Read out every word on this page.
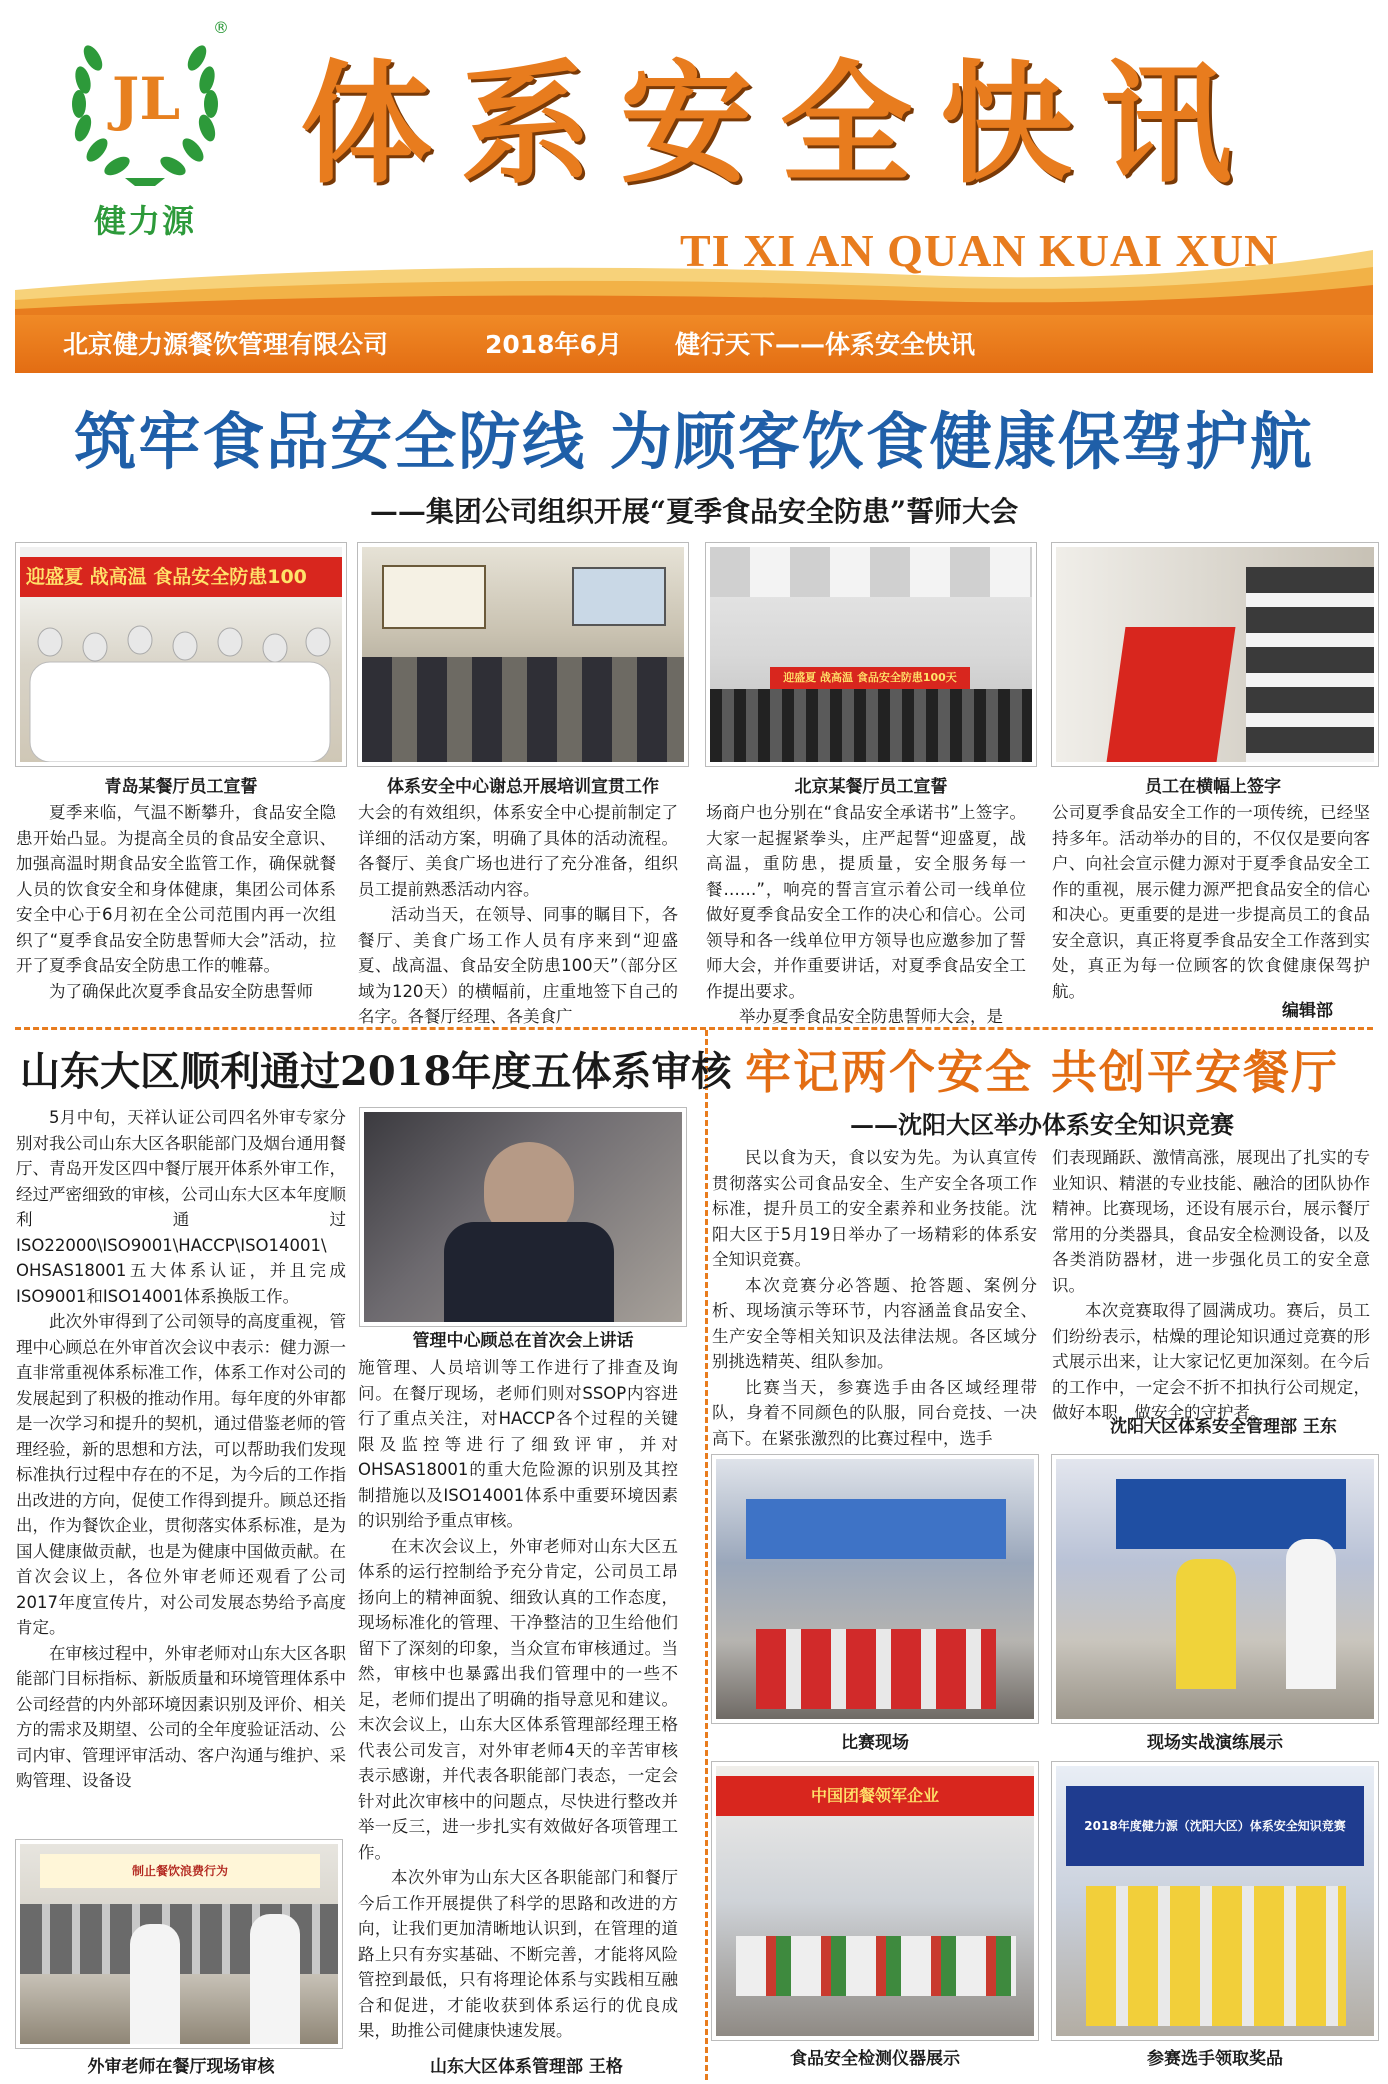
JL
®
健力源
体系安全快讯
TI XI AN QUAN KUAI XUN
北京健力源餐饮管理有限公司	2018年6月 健行天下——体系安全快讯
筑牢食品安全防线 为顾客饮食健康保驾护航
——集团公司组织开展“夏季食品安全防患”誓师大会
迎盛夏 战高温 食品安全防患100
迎盛夏 战高温 食品安全防患100天
青岛某餐厅员工宣誓	体系安全中心谢总开展培训宣贯工作	北京某餐厅员工宣誓	员工在横幅上签字

夏季来临，气温不断攀升，食品安全隐患开始凸显。为提高全员的食品安全意识、加强高温时期食品安全监管工作，确保就餐人员的饮食安全和身体健康，集团公司体系安全中心于6月初在全公司范围内再一次组织了“夏季食品安全防患誓师大会”活动，拉开了夏季食品安全防患工作的帷幕。

为了确保此次夏季食品安全防患誓师

大会的有效组织，体系安全中心提前制定了详细的活动方案，明确了具体的活动流程。各餐厅、美食广场也进行了充分准备，组织员工提前熟悉活动内容。

活动当天，在领导、同事的瞩目下，各餐厅、美食广场工作人员有序来到“迎盛夏、战高温、食品安全防患100天”（部分区域为120天）的横幅前，庄重地签下自己的名字。各餐厅经理、各美食广

场商户也分别在“食品安全承诺书”上签字。大家一起握紧拳头，庄严起誓“迎盛夏，战高温，重防患，提质量，安全服务每一餐……”，响亮的誓言宣示着公司一线单位做好夏季食品安全工作的决心和信心。公司领导和各一线单位甲方领导也应邀参加了誓师大会，并作重要讲话，对夏季食品安全工作提出要求。

举办夏季食品安全防患誓师大会，是

公司夏季食品安全工作的一项传统，已经坚持多年。活动举办的目的，不仅仅是要向客户、向社会宣示健力源对于夏季食品安全工作的重视，展示健力源严把食品安全的信心和决心。更重要的是进一步提高员工的食品安全意识，真正将夏季食品安全工作落到实处，真正为每一位顾客的饮食健康保驾护航。

编辑部
山东大区顺利通过2018年度五体系审核

5月中旬，天祥认证公司四名外审专家分别对我公司山东大区各职能部门及烟台通用餐厅、青岛开发区四中餐厅展开体系外审工作，经过严密细致的审核，公司山东大区本年度顺利通过ISO22000\ISO9001\HACCP\ISO14001\ OHSAS18001五大体系认证，并且完成ISO9001和ISO14001体系换版工作。

此次外审得到了公司领导的高度重视，管理中心顾总在外审首次会议中表示：健力源一直非常重视体系标准工作，体系工作对公司的发展起到了积极的推动作用。每年度的外审都是一次学习和提升的契机，通过借鉴老师的管理经验，新的思想和方法，可以帮助我们发现标准执行过程中存在的不足，为今后的工作指出改进的方向，促使工作得到提升。顾总还指出，作为餐饮企业，贯彻落实体系标准，是为国人健康做贡献，也是为健康中国做贡献。在首次会议上，各位外审老师还观看了公司2017年度宣传片，对公司发展态势给予高度肯定。

在审核过程中，外审老师对山东大区各职能部门目标指标、新版质量和环境管理体系中公司经营的内外部环境因素识别及评价、相关方的需求及期望、公司的全年度验证活动、公司内审、管理评审活动、客户沟通与维护、采购管理、设备设

管理中心顾总在首次会上讲话

施管理、人员培训等工作进行了排查及询问。在餐厅现场，老师们则对SSOP内容进行了重点关注，对HACCP各个过程的关键限及监控等进行了细致评审，并对OHSAS18001的重大危险源的识别及其控制措施以及ISO14001体系中重要环境因素的识别给予重点审核。

在末次会议上，外审老师对山东大区五体系的运行控制给予充分肯定，公司员工昂扬向上的精神面貌、细致认真的工作态度，现场标准化的管理、干净整洁的卫生给他们留下了深刻的印象，当众宣布审核通过。当然，审核中也暴露出我们管理中的一些不足，老师们提出了明确的指导意见和建议。末次会议上，山东大区体系管理部经理王格代表公司发言，对外审老师4天的辛苦审核表示感谢，并代表各职能部门表态，一定会针对此次审核中的问题点，尽快进行整改并举一反三，进一步扎实有效做好各项管理工作。

本次外审为山东大区各职能部门和餐厅今后工作开展提供了科学的思路和改进的方向，让我们更加清晰地认识到，在管理的道路上只有夯实基础、不断完善，才能将风险管控到最低，只有将理论体系与实践相互融合和促进，才能收获到体系运行的优良成果，助推公司健康快速发展。

制止餐饮浪费行为
外审老师在餐厅现场审核	山东大区体系管理部 王格
牢记两个安全 共创平安餐厅
——沈阳大区举办体系安全知识竞赛

民以食为天，食以安为先。为认真宣传贯彻落实公司食品安全、生产安全各项工作标准，提升员工的安全素养和业务技能。沈阳大区于5月19日举办了一场精彩的体系安全知识竞赛。

本次竞赛分必答题、抢答题、案例分析、现场演示等环节，内容涵盖食品安全、生产安全等相关知识及法律法规。各区域分别挑选精英、组队参加。

比赛当天，参赛选手由各区域经理带队，身着不同颜色的队服，同台竞技、一决高下。在紧张激烈的比赛过程中，选手

们表现踊跃、激情高涨，展现出了扎实的专业知识、精湛的专业技能、融洽的团队协作精神。比赛现场，还设有展示台，展示餐厅常用的分类器具，食品安全检测设备，以及各类消防器材，进一步强化员工的安全意识。

本次竞赛取得了圆满成功。赛后，员工们纷纷表示，枯燥的理论知识通过竞赛的形式展示出来，让大家记忆更加深刻。在今后的工作中，一定会不折不扣执行公司规定，做好本职，做安全的守护者。

沈阳大区体系安全管理部 王东
比赛现场	现场实战演练展示
中国团餐领军企业
2018年度健力源（沈阳大区）体系安全知识竞赛
食品安全检测仪器展示	参赛选手领取奖品
